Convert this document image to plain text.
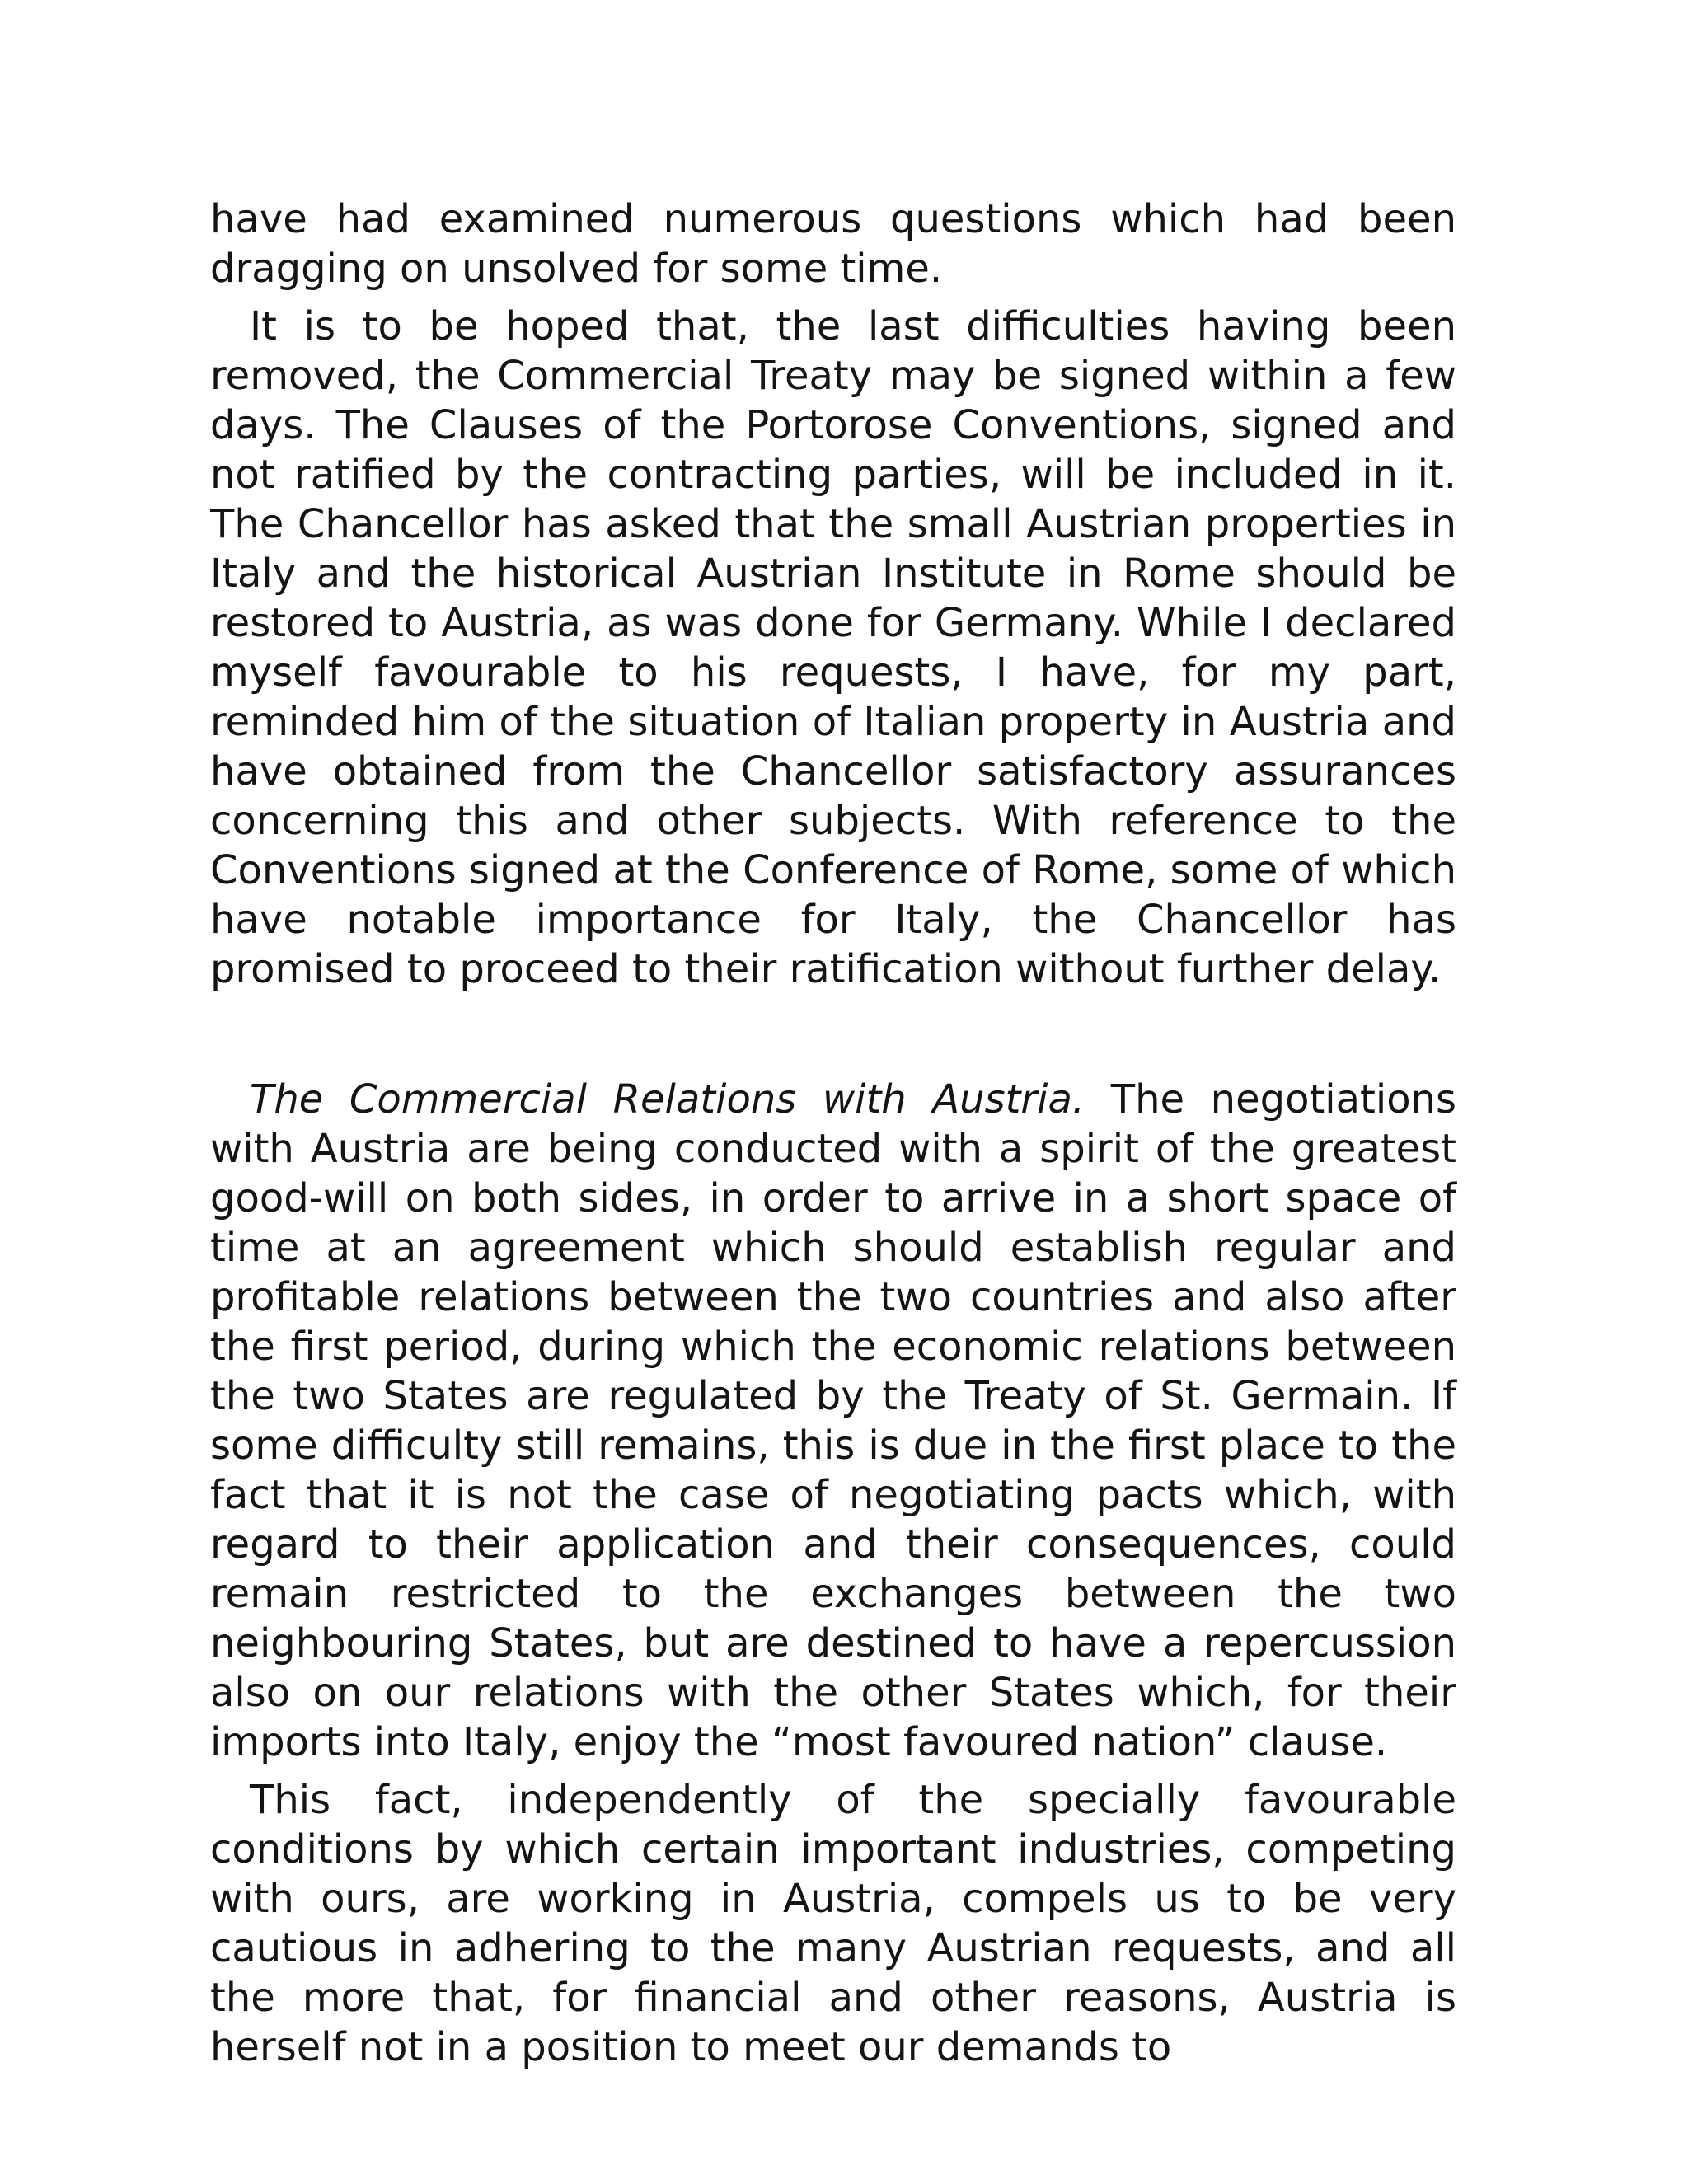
have had examined numerous questions which had been dragging on unsolved for some time.

It is to be hoped that, the last difficulties having been removed, the Commercial Treaty may be signed within a few days. The Clauses of the Portorose Conventions, signed and not ratified by the contracting parties, will be included in it. The Chancellor has asked that the small Austrian properties in Italy and the historical Austrian Institute in Rome should be restored to Austria, as was done for Germany. While I declared myself favourable to his requests, I have, for my part, reminded him of the situation of Italian property in Austria and have obtained from the Chancellor satisfactory assurances concerning this and other subjects. With reference to the Conventions signed at the Conference of Rome, some of which have notable importance for Italy, the Chancellor has promised to proceed to their ratification without further delay.

The Commercial Relations with Austria. The negotiations with Austria are being conducted with a spirit of the greatest good-will on both sides, in order to arrive in a short space of time at an agreement which should establish regular and profitable relations between the two countries and also after the first period, during which the economic relations between the two States are regulated by the Treaty of St. Germain. If some difficulty still remains, this is due in the first place to the fact that it is not the case of negotiating pacts which, with regard to their application and their consequences, could remain restricted to the exchanges between the two neighbouring States, but are destined to have a repercussion also on our relations with the other States which, for their imports into Italy, enjoy the “most favoured nation” clause.

This fact, independently of the specially favourable conditions by which certain important industries, competing with ours, are working in Austria, compels us to be very cautious in adhering to the many Austrian requests, and all the more that, for financial and other reasons, Austria is herself not in a position to meet our demands to
